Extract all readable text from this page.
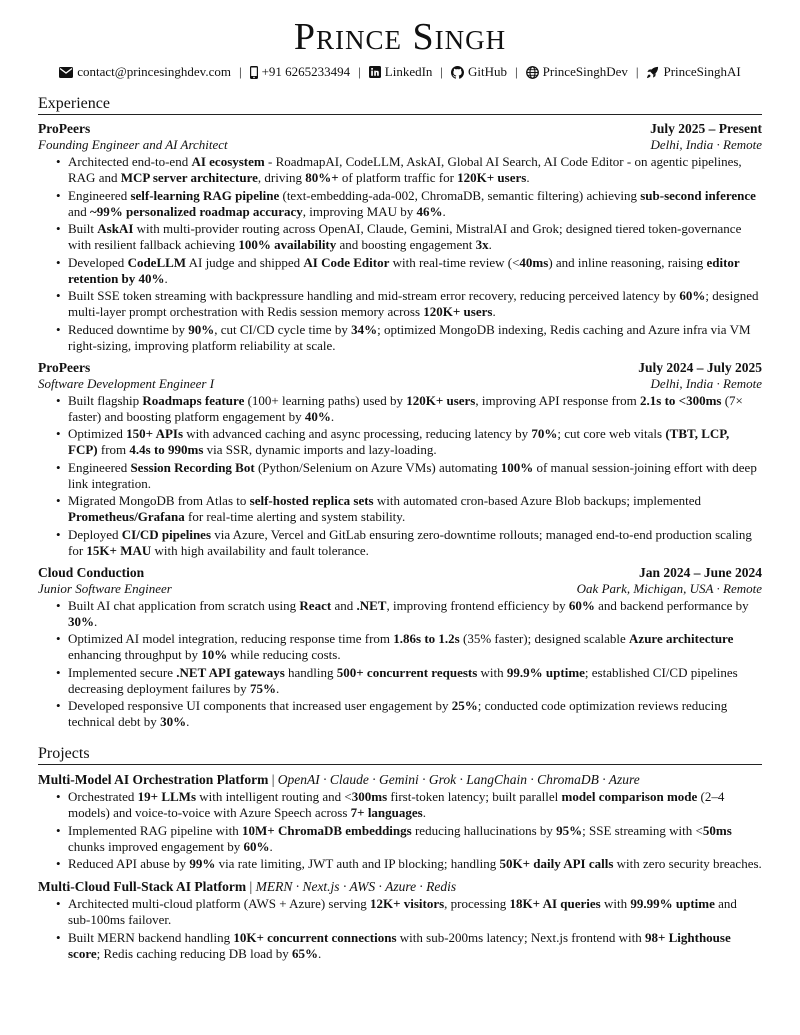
Prince Singh
contact@princesinghdev.com | +91 6265233494 | LinkedIn | GitHub | PrinceSinghDev | PrinceSinghAI
Experience
ProPeers	July 2025 – Present
Founding Engineer and AI Architect	Delhi, India · Remote
• Architected end-to-end AI ecosystem - RoadmapAI, CodeLLM, AskAI, Global AI Search, AI Code Editor - on agentic pipelines, RAG and MCP server architecture, driving 80%+ of platform traffic for 120K+ users.
• Engineered self-learning RAG pipeline (text-embedding-ada-002, ChromaDB, semantic filtering) achieving sub-second inference and ~99% personalized roadmap accuracy, improving MAU by 46%.
• Built AskAI with multi-provider routing across OpenAI, Claude, Gemini, MistralAI and Grok; designed tiered token-governance with resilient fallback achieving 100% availability and boosting engagement 3x.
• Developed CodeLLM AI judge and shipped AI Code Editor with real-time review (<40ms) and inline reasoning, raising editor retention by 40%.
• Built SSE token streaming with backpressure handling and mid-stream error recovery, reducing perceived latency by 60%; designed multi-layer prompt orchestration with Redis session memory across 120K+ users.
• Reduced downtime by 90%, cut CI/CD cycle time by 34%; optimized MongoDB indexing, Redis caching and Azure infra via VM right-sizing, improving platform reliability at scale.
ProPeers	July 2024 – July 2025
Software Development Engineer I	Delhi, India · Remote
• Built flagship Roadmaps feature (100+ learning paths) used by 120K+ users, improving API response from 2.1s to <300ms (7× faster) and boosting platform engagement by 40%.
• Optimized 150+ APIs with advanced caching and async processing, reducing latency by 70%; cut core web vitals (TBT, LCP, FCP) from 4.4s to 990ms via SSR, dynamic imports and lazy-loading.
• Engineered Session Recording Bot (Python/Selenium on Azure VMs) automating 100% of manual session-joining effort with deep link integration.
• Migrated MongoDB from Atlas to self-hosted replica sets with automated cron-based Azure Blob backups; implemented Prometheus/Grafana for real-time alerting and system stability.
• Deployed CI/CD pipelines via Azure, Vercel and GitLab ensuring zero-downtime rollouts; managed end-to-end production scaling for 15K+ MAU with high availability and fault tolerance.
Cloud Conduction	Jan 2024 – June 2024
Junior Software Engineer	Oak Park, Michigan, USA · Remote
• Built AI chat application from scratch using React and .NET, improving frontend efficiency by 60% and backend performance by 30%.
• Optimized AI model integration, reducing response time from 1.86s to 1.2s (35% faster); designed scalable Azure architecture enhancing throughput by 10% while reducing costs.
• Implemented secure .NET API gateways handling 500+ concurrent requests with 99.9% uptime; established CI/CD pipelines decreasing deployment failures by 75%.
• Developed responsive UI components that increased user engagement by 25%; conducted code optimization reviews reducing technical debt by 30%.
Projects
Multi-Model AI Orchestration Platform | OpenAI · Claude · Gemini · Grok · LangChain · ChromaDB · Azure
• Orchestrated 19+ LLMs with intelligent routing and <300ms first-token latency; built parallel model comparison mode (2–4 models) and voice-to-voice with Azure Speech across 7+ languages.
• Implemented RAG pipeline with 10M+ ChromaDB embeddings reducing hallucinations by 95%; SSE streaming with <50ms chunks improved engagement by 60%.
• Reduced API abuse by 99% via rate limiting, JWT auth and IP blocking; handling 50K+ daily API calls with zero security breaches.
Multi-Cloud Full-Stack AI Platform | MERN · Next.js · AWS · Azure · Redis
• Architected multi-cloud platform (AWS + Azure) serving 12K+ visitors, processing 18K+ AI queries with 99.99% uptime and sub-100ms failover.
• Built MERN backend handling 10K+ concurrent connections with sub-200ms latency; Next.js frontend with 98+ Lighthouse score; Redis caching reducing DB load by 65%.
